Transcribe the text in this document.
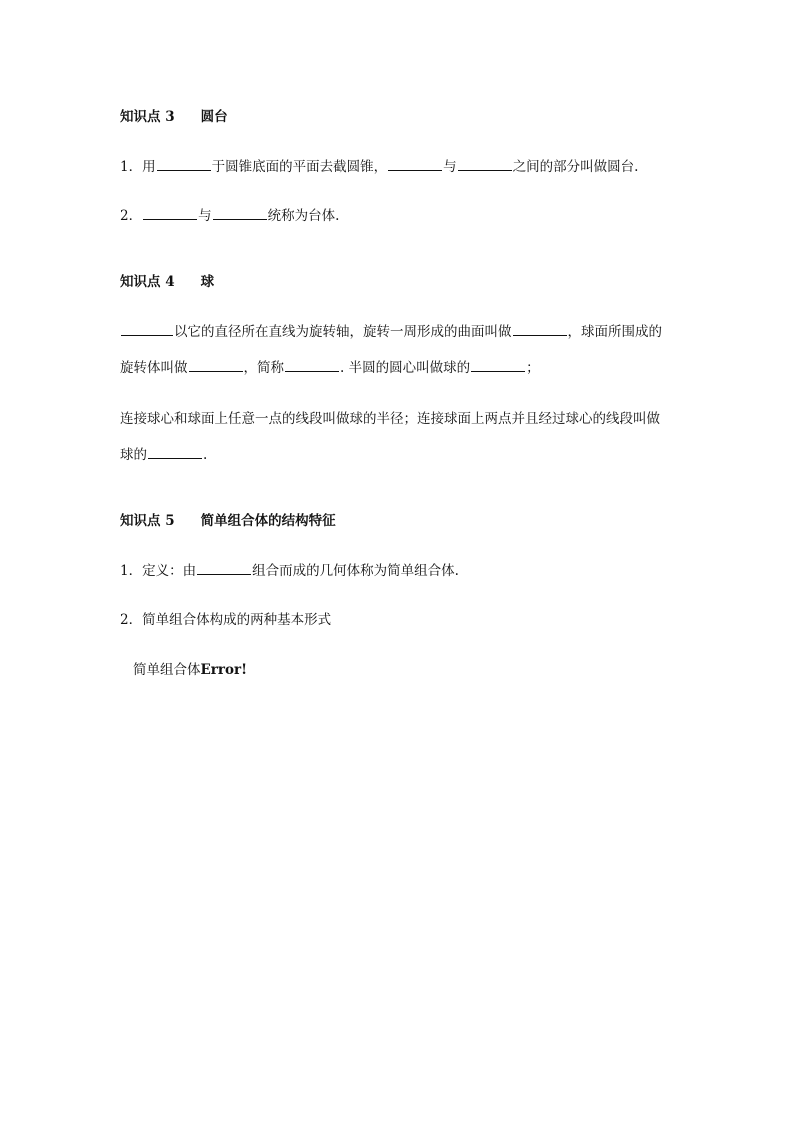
知识点 3 圆台
1．用	于圆锥底面的平面去截圆锥，	与	之间的部分叫做圆台.
2．	与	统称为台体.
知识点 4 球
以它的直径所在直线为旋转轴，旋转一周形成的曲面叫做	，球面所围成的
旋转体叫做	，简称	. 半圆的圆心叫做球的	；
连接球心和球面上任意一点的线段叫做球的半径；连接球面上两点并且经过球心的线段叫做
球的	.
知识点 5 简单组合体的结构特征
1．定义：由	组合而成的几何体称为简单组合体.
2．简单组合体构成的两种基本形式
简单组合体Error!
